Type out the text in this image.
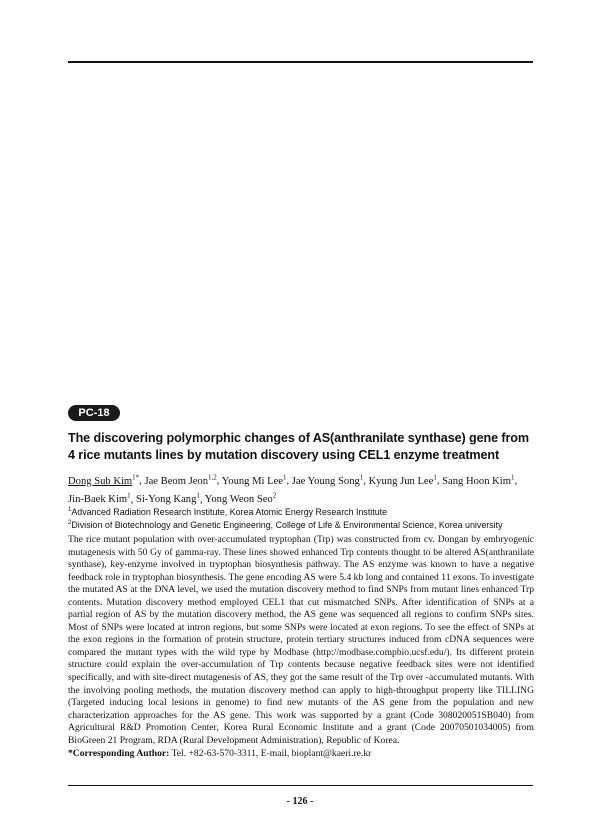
PC-18
The discovering polymorphic changes of AS(anthranilate synthase) gene from 4 rice mutants lines by mutation discovery using CEL1 enzyme treatment
Dong Sub Kim$^{1*}$, Jae Beom Jeon$^{1,2}$, Young Mi Lee$^1$, Jae Young Song$^1$, Kyung Jun Lee$^1$, Sang Hoon Kim$^1$, Jin-Baek Kim$^1$, Si-Yong Kang$^1$, Yong Weon Seo$^2$
$^1$Advanced Radiation Research Institute, Korea Atomic Energy Research Institute
$^2$Division of Biotechnology and Genetic Engineering, College of Life & Environmental Science, Korea university

The rice mutant population with over-accumulated tryptophan (Trp) was constructed from cv. Dongan by embryogenic mutagenesis with 50 Gy of gamma-ray. These lines showed enhanced Trp contents thought to be altered AS(anthranilate synthase), key-enzyme involved in tryptophan biosynthesis pathway. The AS enzyme was known to have a negative feedback role in tryptophan biosynthesis. The gene encoding AS were 5.4 kb long and contained 11 exons. To investigate the mutated AS at the DNA level, we used the mutation discovery method to find SNPs from mutant lines enhanced Trp contents. Mutation discovery method employed CEL1 that cut mismatched SNPs. After identification of SNPs at a partial region of AS by the mutation discovery method, the AS gene was sequenced all regions to confirm SNPs sites. Most of SNPs were located at intron regions, but some SNPs were located at exon regions. To see the effect of SNPs at the exon regions in the formation of protein structure, protein tertiary structures induced from cDNA sequences were compared the mutant types with the wild type by Modbase (http://modbase.compbio.ucsf.edu/). Its different protein structure could explain the over-accumulation of Trp contents because negative feedback sites were not identified specifically, and with site-direct mutagenesis of AS, they got the same result of the Trp over -accumulated mutants. With the involving pooling methods, the mutation discovery method can apply to high-throughput property like TILLING (Targeted inducing local lesions in genome) to find new mutants of the AS gene from the population and new characterization approaches for the AS gene. This work was supported by a grant (Code 308020051SB040) from Agricultural R&D Promotion Center, Korea Rural Economic Institute and a grant (Code 20070501034005) from BioGreen 21 Program, RDA (Rural Development Administration), Republic of Korea.

*Corresponding Author: Tel. +82-63-570-3311, E-mail, bioplant@kaeri.re.kr
- 126 -
